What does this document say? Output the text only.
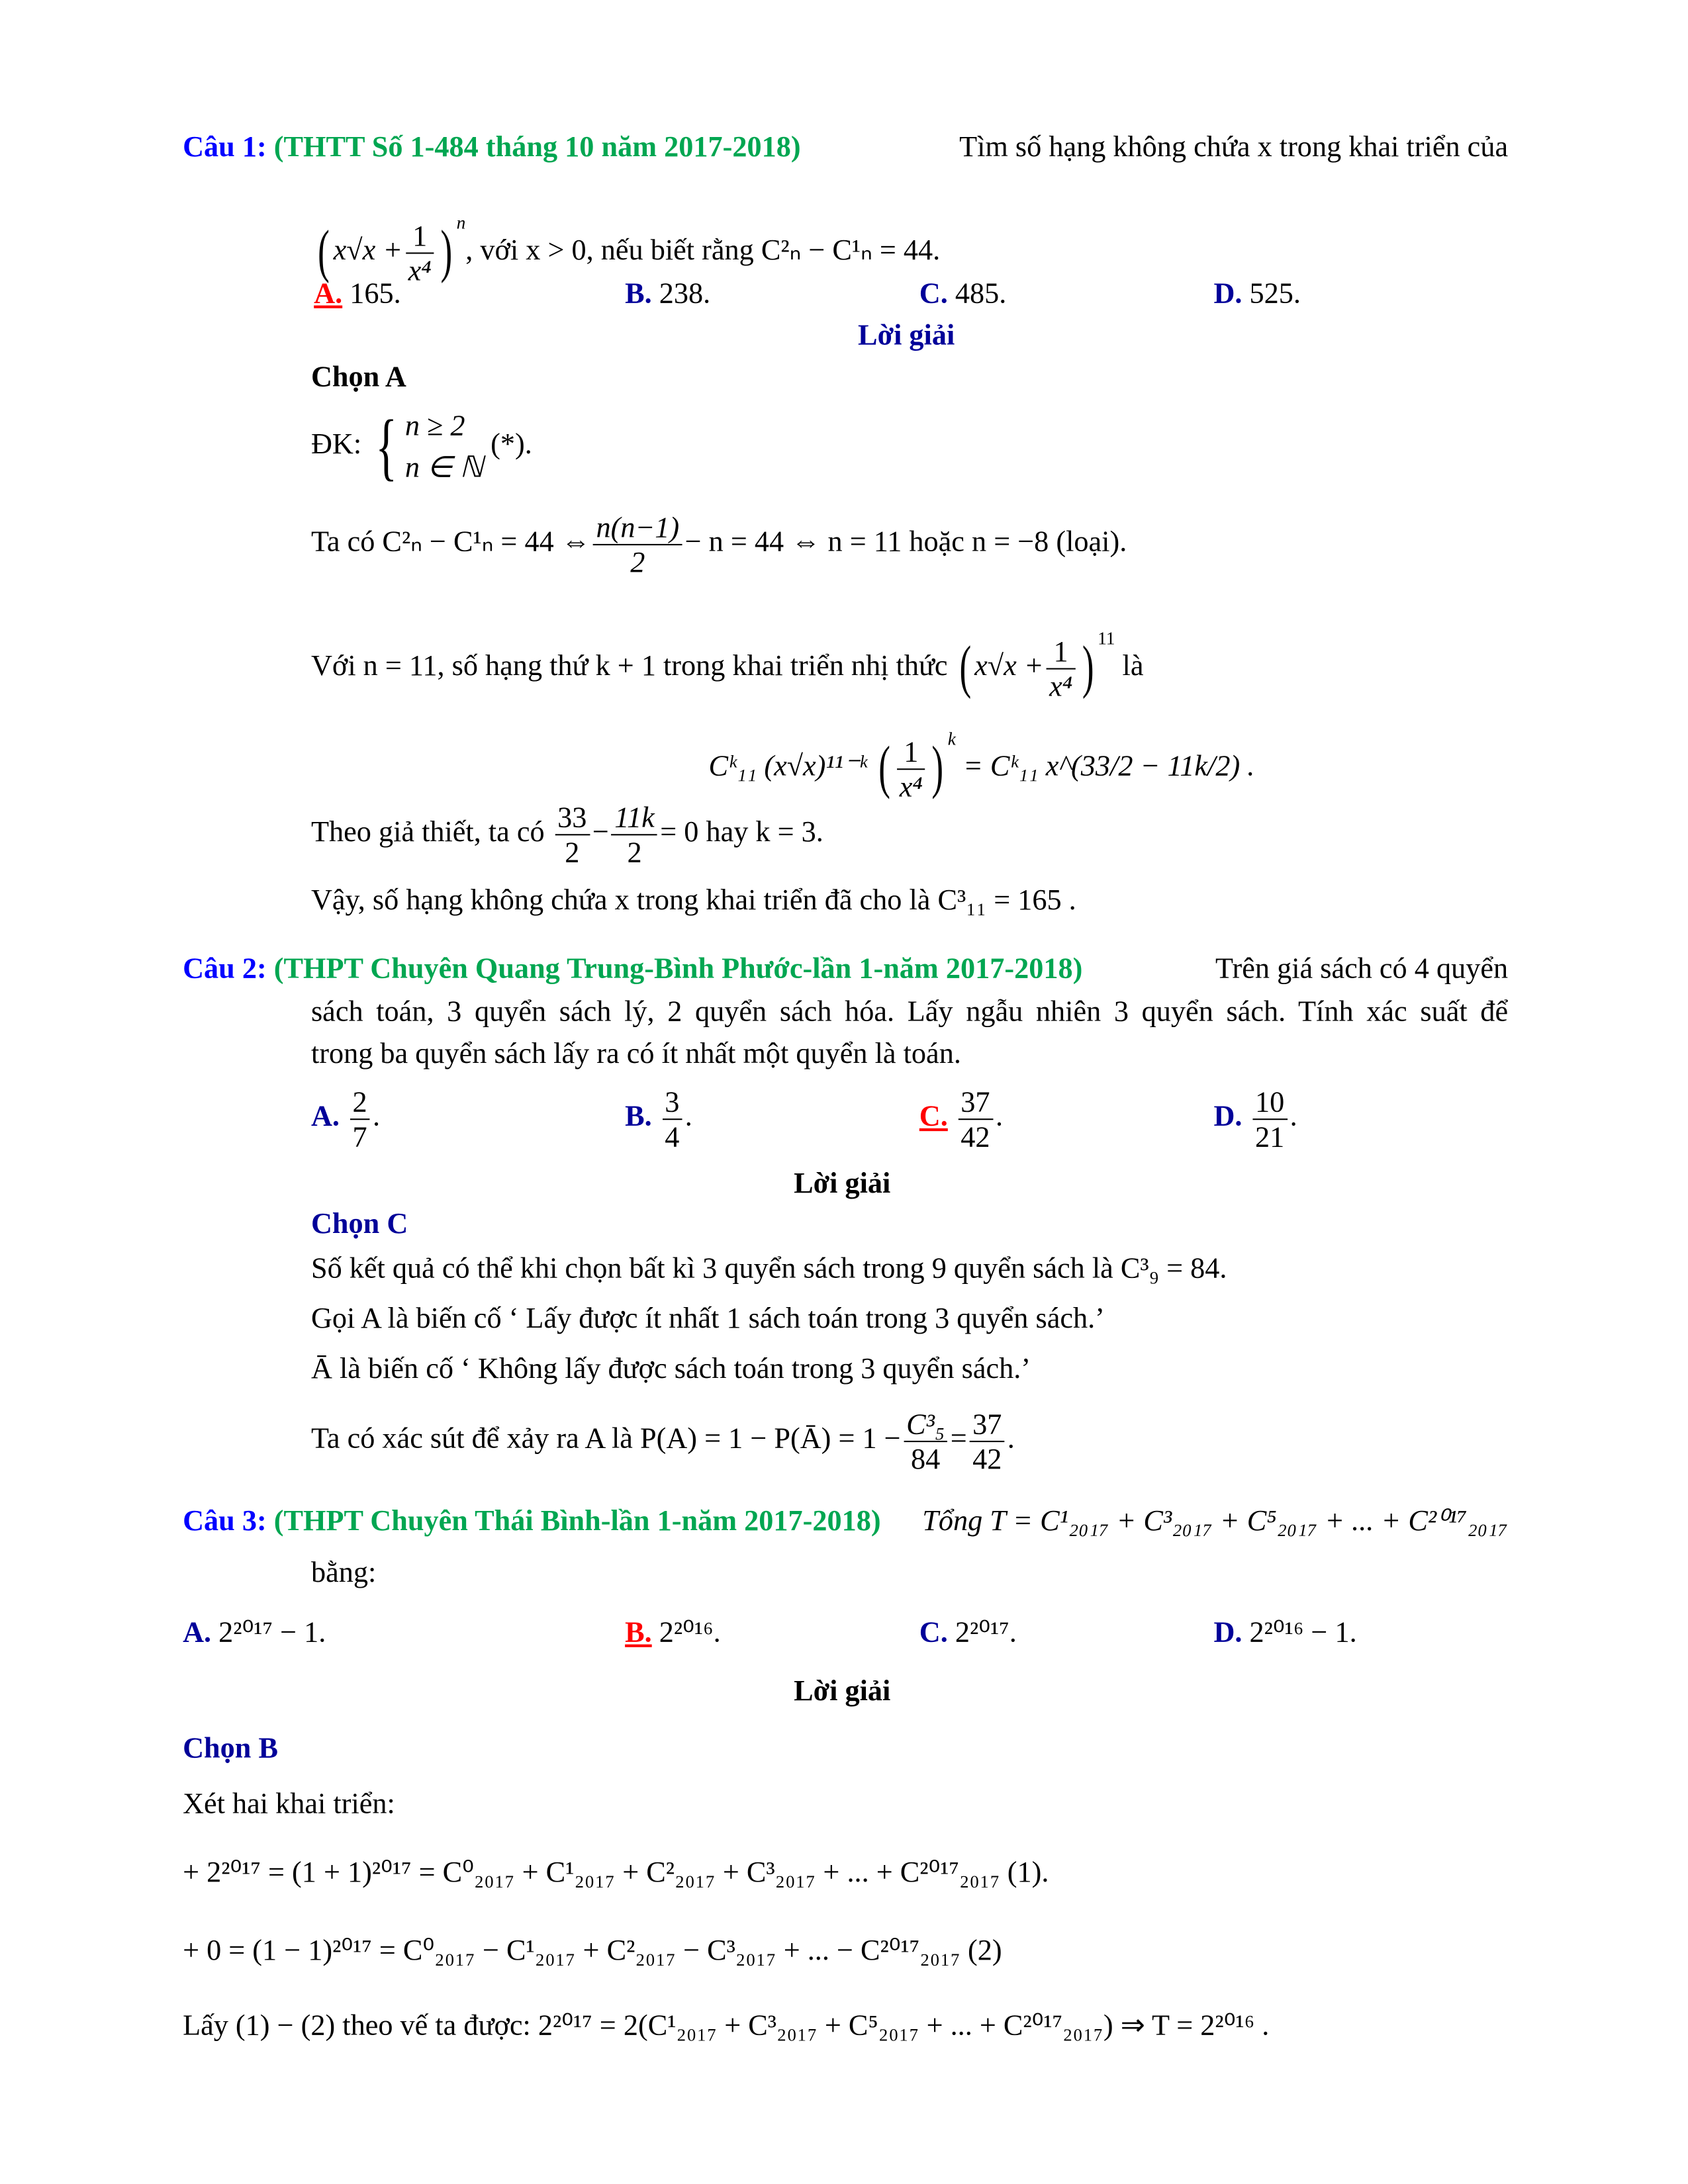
Câu 1: (THTT Số 1-484 tháng 10 năm 2017-2018)	Tìm số hạng không chứa x trong khai triển của
( $x√x + \frac{1}{\text{x⁴}}$ ) $^n$, với x > 0, nếu biết rằng C²ₙ − C¹ₙ = 44.
A. 165.	B. 238.	C. 485.	D. 525.
Lời giải
Chọn A
ĐK: { n ≥ 2
n ∈ ℕ
(*).
Ta có C²ₙ − C¹ₙ = 44 ⇔ $\frac{n(n-1)}{2} - n = 44$ ⇔ n = 11 hoặc n = −8 (loại).
Với n = 11, số hạng thứ k + 1 trong khai triển nhị thức ( $x√x + \frac{1}{\text{x⁴}}$ ) $^{11}$ là
Cᵏ₁₁ (x√x)¹¹⁻ᵏ ( $\frac{1}{\text{x⁴}}$ ) $^k$ = Cᵏ₁₁ x^(33/2 − 11k/2) .
Theo giả thiết, ta có $\frac{33}{2} - \frac{11k}{2} = 0$ hay k = 3.
Vậy, số hạng không chứa x trong khai triển đã cho là C³₁₁ = 165 .
Câu 2: (THPT Chuyên Quang Trung-Bình Phước-lần 1-năm 2017-2018)	Trên giá sách có 4 quyển
sách toán, 3 quyển sách lý, 2 quyển sách hóa. Lấy ngẫu nhiên 3 quyển sách. Tính xác suất để
trong ba quyển sách lấy ra có ít nhất một quyển là toán.
A. $\frac{2}{7}$ .	B. $\frac{3}{4}$ .	C. $\frac{37}{42}$ .	D. $\frac{10}{21}$ .
Lời giải
Chọn C
Số kết quả có thể khi chọn bất kì 3 quyển sách trong 9 quyển sách là C³₉ = 84.
Gọi A là biến cố ‘ Lấy được ít nhất 1 sách toán trong 3 quyển sách.’
Ā là biến cố ‘ Không lấy được sách toán trong 3 quyển sách.’
Ta có xác sút để xảy ra A là P(A) = 1 − P(Ā) = $1 - \frac{\text{C³₅}}{84} = \frac{37}{42}$ .
Câu 3: (THPT Chuyên Thái Bình-lần 1-năm 2017-2018)	Tổng T = C¹₂₀₁₇ + C³₂₀₁₇ + C⁵₂₀₁₇ + ... + C²⁰¹⁷₂₀₁₇
bằng:
A. 2²⁰¹⁷ − 1.	B. 2²⁰¹⁶.	C. 2²⁰¹⁷.	D. 2²⁰¹⁶ − 1.
Lời giải
Chọn B
Xét hai khai triển:
+ 2²⁰¹⁷ = (1 + 1)²⁰¹⁷ = C⁰₂₀₁₇ + C¹₂₀₁₇ + C²₂₀₁₇ + C³₂₀₁₇ + ... + C²⁰¹⁷₂₀₁₇ (1).
+ 0 = (1 − 1)²⁰¹⁷ = C⁰₂₀₁₇ − C¹₂₀₁₇ + C²₂₀₁₇ − C³₂₀₁₇ + ... − C²⁰¹⁷₂₀₁₇ (2)
Lấy (1) − (2) theo vế ta được: 2²⁰¹⁷ = 2(C¹₂₀₁₇ + C³₂₀₁₇ + C⁵₂₀₁₇ + ... + C²⁰¹⁷₂₀₁₇) ⇒ T = 2²⁰¹⁶ .
